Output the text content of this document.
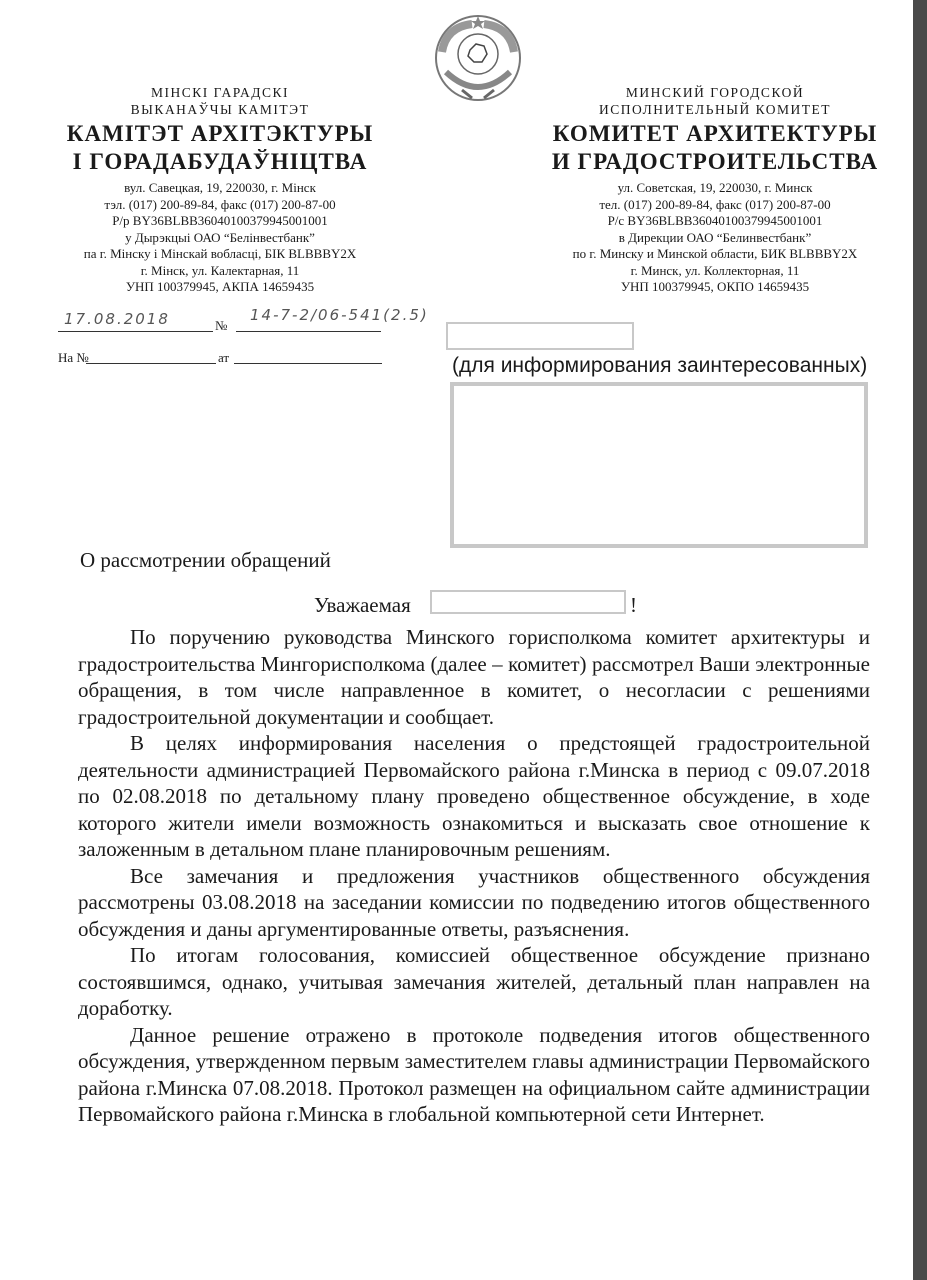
МІНСКІ ГАРАДСКІ
ВЫКАНАЎЧЫ КАМІТЭТ
КАМІТЭТ АРХІТЭКТУРЫ
І ГОРАДАБУДАЎНІЦТВА
вул. Савецкая, 19, 220030, г. Мінск
тэл. (017) 200-89-84, факс (017) 200-87-00
Р/р BY36BLBB36040100379945001001
у Дырэкцыі ОАО “Белінвестбанк”
па г. Мінску і Мінскай вобласці, БІК BLBBBY2X
г. Мінск, ул. Калектарная, 11
УНП 100379945, АКПА 14659435
МИНСКИЙ ГОРОДСКОЙ
ИСПОЛНИТЕЛЬНЫЙ КОМИТЕТ
КОМИТЕТ АРХИТЕКТУРЫ
И ГРАДОСТРОИТЕЛЬСТВА
ул. Советская, 19, 220030, г. Минск
тел. (017) 200-89-84, факс (017) 200-87-00
Р/с BY36BLBB36040100379945001001
в Дирекции ОАО “Белинвестбанк”
по г. Минску и Минской области, БИК BLBBBY2X
г. Минск, ул. Коллекторная, 11
УНП 100379945, ОКПО 14659435
17.08.2018	№
14-7-2/06-541(2.5)
На №	ат	(для информирования заинтересованных)
О рассмотрении обращений
Уважаемая	!

По поручению руководства Минского горисполкома комитет архитектуры и градостроительства Мингорисполкома (далее – комитет) рассмотрел Ваши электронные обращения, в том числе направленное в комитет, о несогласии с решениями градостроительной документации и сообщает.

В целях информирования населения о предстоящей градостроительной деятельности администрацией Первомайского района г.Минска в период с 09.07.2018 по 02.08.2018 по детальному плану проведено общественное обсуждение, в ходе которого жители имели возможность ознакомиться и высказать свое отношение к заложенным в детальном плане планировочным решениям.

Все замечания и предложения участников общественного обсуждения рассмотрены 03.08.2018 на заседании комиссии по подведению итогов общественного обсуждения и даны аргументированные ответы, разъяснения.

По итогам голосования, комиссией общественное обсуждение признано состоявшимся, однако, учитывая замечания жителей, детальный план направлен на доработку.

Данное решение отражено в протоколе подведения итогов общественного обсуждения, утвержденном первым заместителем главы администрации Первомайского района г.Минска 07.08.2018. Протокол размещен на официальном сайте администрации Первомайского района г.Минска в глобальной компьютерной сети Интернет.
